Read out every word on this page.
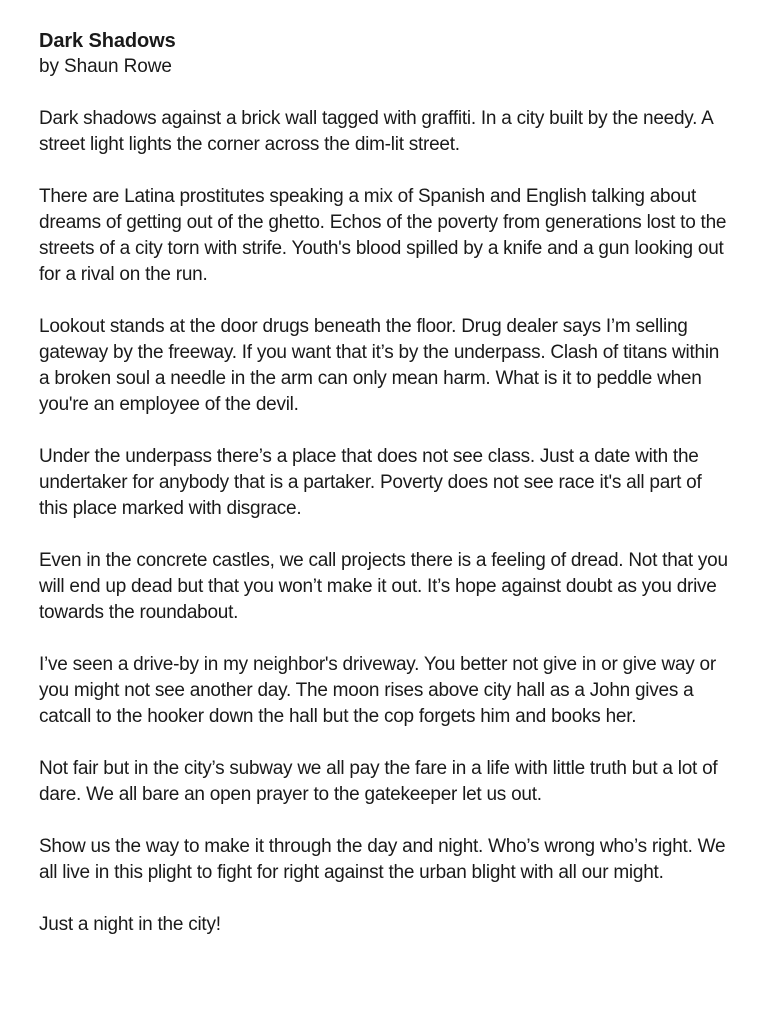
Dark Shadows

by Shaun Rowe

Dark shadows against a brick wall tagged with graffiti. In a city built by the needy. A street light lights the corner across the dim-lit street.

There are Latina prostitutes speaking a mix of Spanish and English talking about dreams of getting out of the ghetto. Echos of the poverty from generations lost to the streets of a city torn with strife. Youth's blood spilled by a knife and a gun looking out for a rival on the run.

Lookout stands at the door drugs beneath the floor. Drug dealer says I’m selling gateway by the freeway. If you want that it’s by the underpass. Clash of titans within a broken soul a needle in the arm can only mean harm. What is it to peddle when you're an employee of the devil.

Under the underpass there’s a place that does not see class. Just a date with the undertaker for anybody that is a partaker. Poverty does not see race it's all part of this place marked with disgrace.

Even in the concrete castles, we call projects there is a feeling of dread. Not that you will end up dead but that you won’t make it out. It’s hope against doubt as you drive towards the roundabout.

I’ve seen a drive-by in my neighbor's driveway. You better not give in or give way or you might not see another day. The moon rises above city hall as a John gives a catcall to the hooker down the hall but the cop forgets him and books her.

Not fair but in the city’s subway we all pay the fare in a life with little truth but a lot of dare. We all bare an open prayer to the gatekeeper let us out.

Show us the way to make it through the day and night. Who’s wrong who’s right. We all live in this plight to fight for right against the urban blight with all our might.

Just a night in the city!
